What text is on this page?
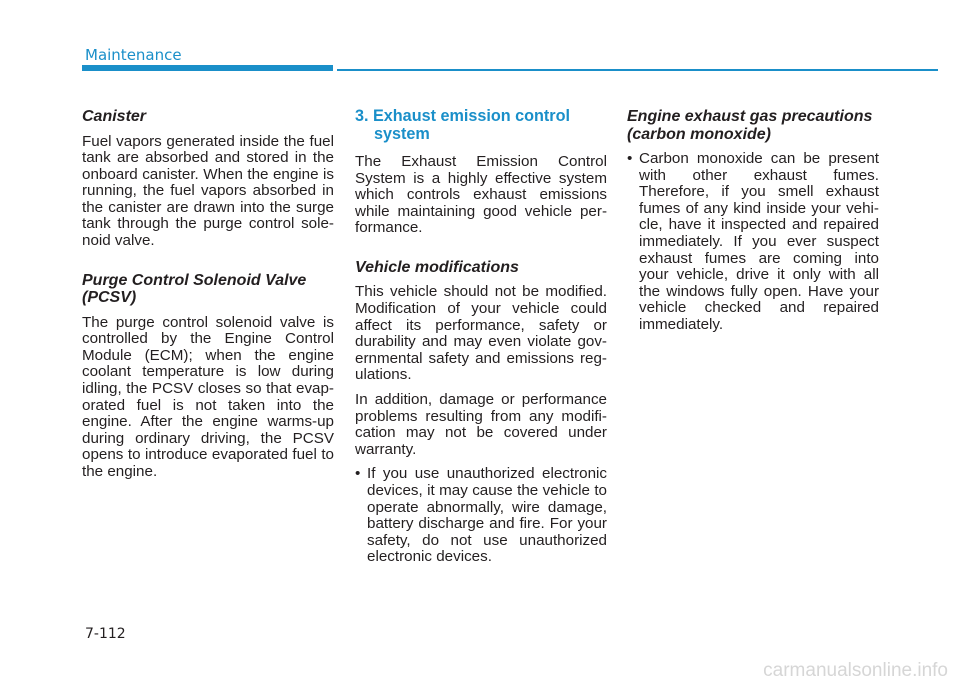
Maintenance
Canister

Fuel vapors generated inside the fuel tank are absorbed and stored in the onboard canister. When the engine is running, the fuel vapors absorbed in the canister are drawn into the surge tank through the purge control sole-noid valve.

Purge Control Solenoid Valve (PCSV)

The purge control solenoid valve is controlled by the Engine Control Module (ECM); when the engine coolant temperature is low during idling, the PCSV closes so that evap-orated fuel is not taken into the engine. After the engine warms-up during ordinary driving, the PCSV opens to introduce evaporated fuel to the engine.

3. Exhaust emission control system

The Exhaust Emission Control System is a highly effective system which controls exhaust emissions while maintaining good vehicle per-formance.

Vehicle modifications

This vehicle should not be modified. Modification of your vehicle could affect its performance, safety or durability and may even violate gov-ernmental safety and emissions reg-ulations.

In addition, damage or performance problems resulting from any modifi-cation may not be covered under warranty.

• If you use unauthorized electronic devices, it may cause the vehicle to operate abnormally, wire damage, battery discharge and fire. For your safety, do not use unauthorized electronic devices.
Engine exhaust gas precautions (carbon monoxide)
• Carbon monoxide can be present with other exhaust fumes. Therefore, if you smell exhaust fumes of any kind inside your vehi-cle, have it inspected and repaired immediately. If you ever suspect exhaust fumes are coming into your vehicle, drive it only with all the windows fully open. Have your vehicle checked and repaired immediately.
7-112
carmanualsonline.info
